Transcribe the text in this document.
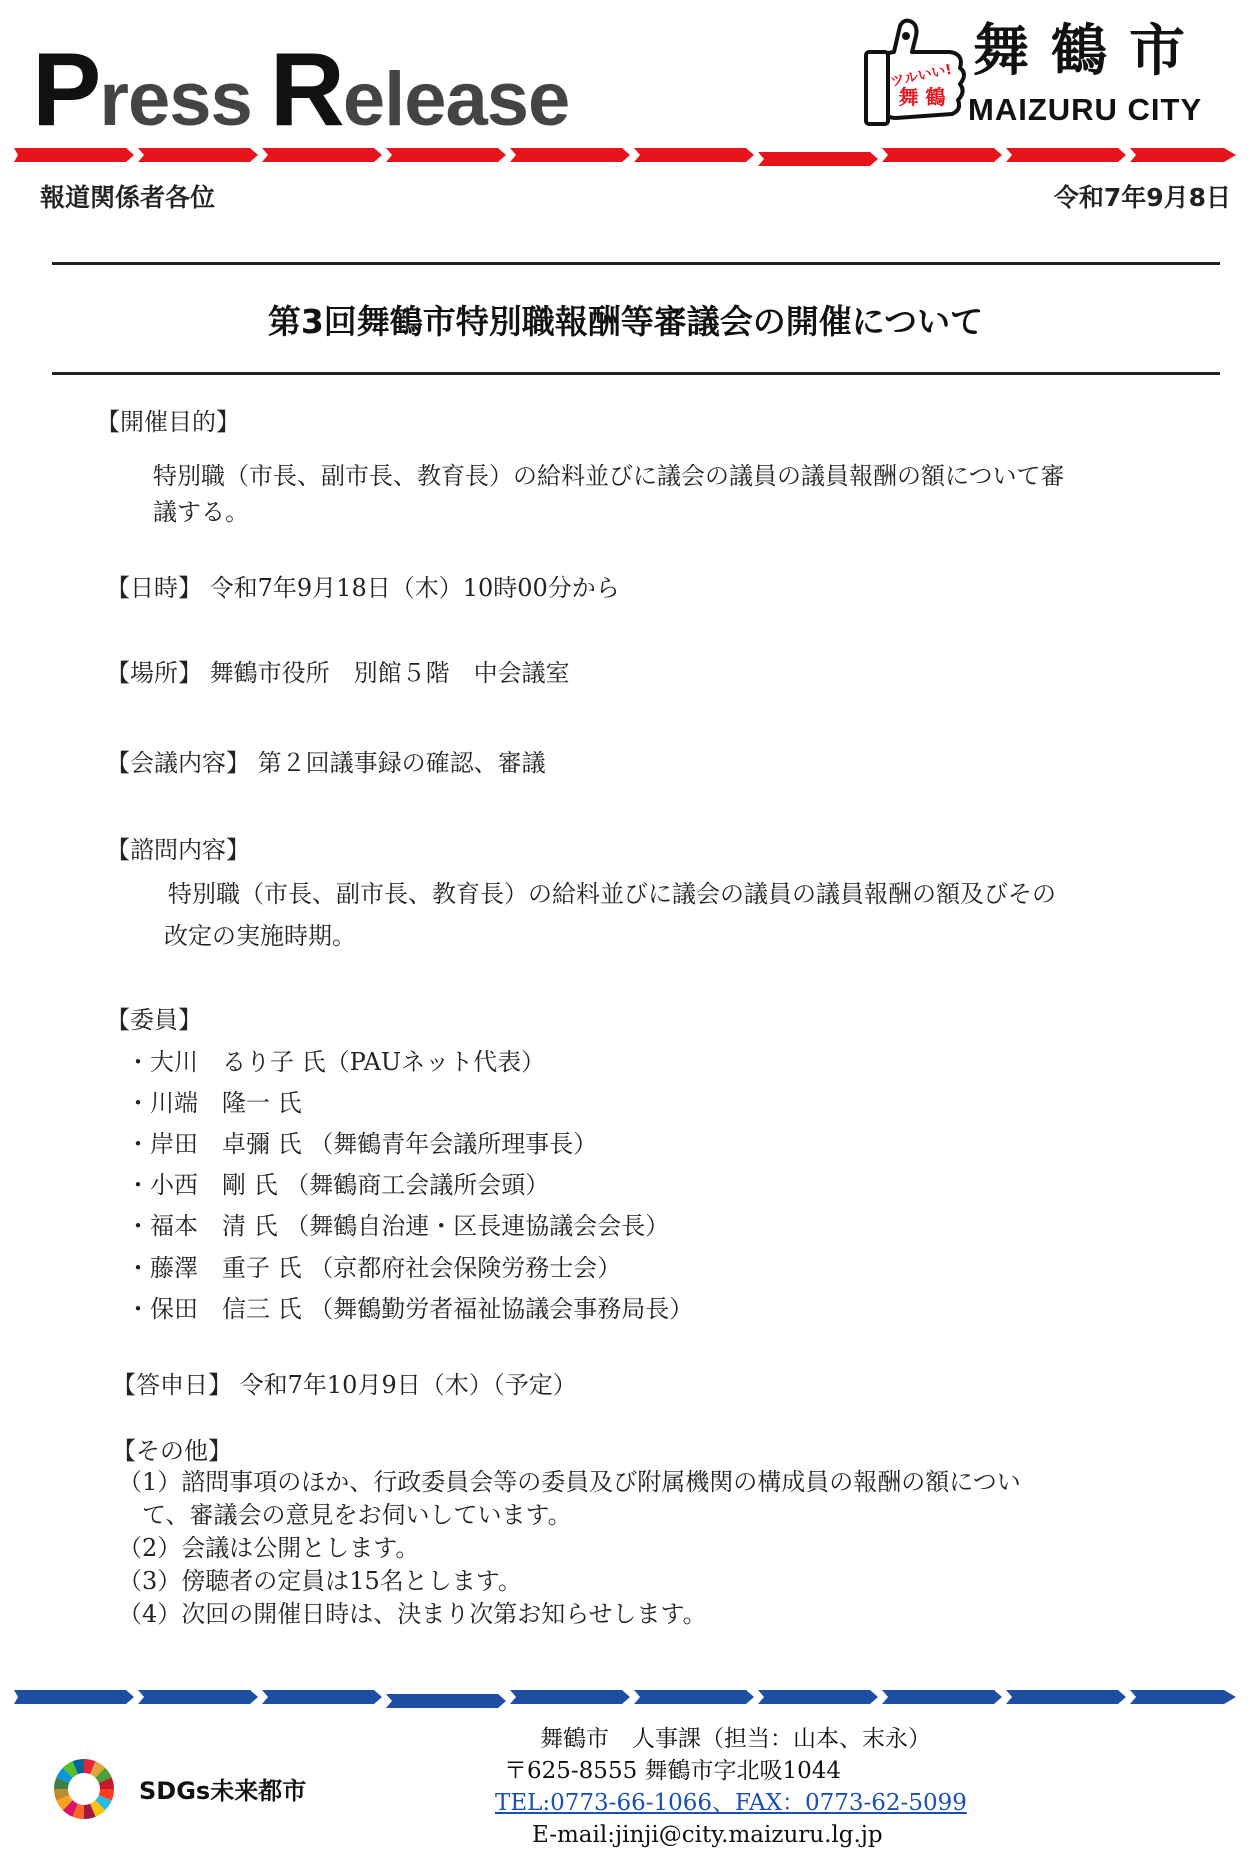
Press Release	ツルいい!
舞 鶴
舞鶴市
MAIZURU CITY
報道関係者各位	令和7年9月8日
第3回舞鶴市特別職報酬等審議会の開催について
【開催目的】
特別職（市長、副市長、教育長）の給料並びに議会の議員の議員報酬の額について審
議する。
【日時】 令和7年9月18日（木）10時00分から
【場所】 舞鶴市役所　別館５階　中会議室
【会議内容】 第２回議事録の確認、審議
【諮問内容】
特別職（市長、副市長、教育長）の給料並びに議会の議員の議員報酬の額及びその
改定の実施時期。
【委員】
・大川　るり子 氏（PAUネット代表）
・川端　隆一 氏
・岸田　卓彌 氏 （舞鶴青年会議所理事長）
・小西　剛 氏 （舞鶴商工会議所会頭）
・福本　清 氏 （舞鶴自治連・区長連協議会会長）
・藤澤　重子 氏 （京都府社会保険労務士会）
・保田　信三 氏 （舞鶴勤労者福祉協議会事務局長）
【答申日】 令和7年10月9日（木）（予定）
【その他】
（1）諮問事項のほか、行政委員会等の委員及び附属機関の構成員の報酬の額につい
　て、審議会の意見をお伺いしています。
（2）会議は公開とします。
（3）傍聴者の定員は15名とします。
（4）次回の開催日時は、決まり次第お知らせします。
SDGs未来都市
舞鶴市　人事課（担当：山本、末永）
〒625-8555 舞鶴市字北吸1044
TEL:0773-66-1066、FAX：0773-62-5099
E-mail:jinji@city.maizuru.lg.jp
